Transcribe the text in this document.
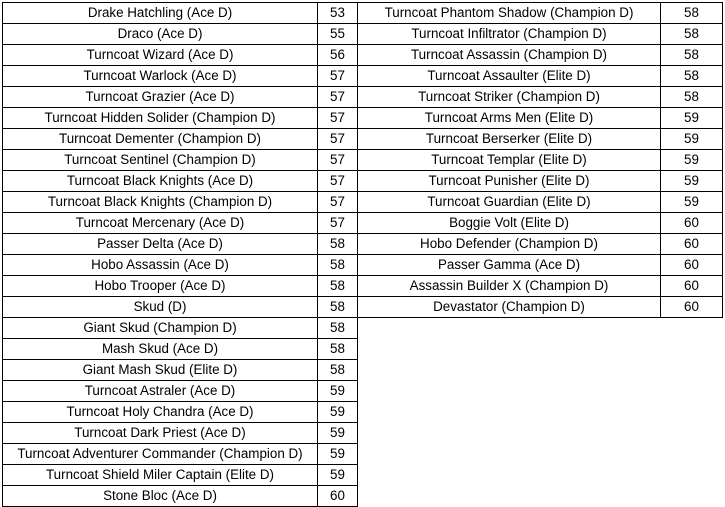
Drake Hatchling (Ace D)	53
Draco (Ace D)	55
Turncoat Wizard (Ace D)	56
Turncoat Warlock (Ace D)	57
Turncoat Grazier (Ace D)	57
Turncoat Hidden Solider (Champion D)	57
Turncoat Dementer (Champion D)	57
Turncoat Sentinel (Champion D)	57
Turncoat Black Knights (Ace D)	57
Turncoat Black Knights (Champion D)	57
Turncoat Mercenary (Ace D)	57
Passer Delta (Ace D)	58
Hobo Assassin (Ace D)	58
Hobo Trooper (Ace D)	58
Skud (D)	58
Giant Skud (Champion D)	58
Mash Skud (Ace D)	58
Giant Mash Skud (Elite D)	58
Turncoat Astraler (Ace D)	59
Turncoat Holy Chandra (Ace D)	59
Turncoat Dark Priest (Ace D)	59
Turncoat Adventurer Commander (Champion D)	59
Turncoat Shield Miler Captain (Elite D)	59
Stone Bloc (Ace D)	60
Turncoat Phantom Shadow (Champion D)	58
Turncoat Infiltrator (Champion D)	58
Turncoat Assassin (Champion D)	58
Turncoat Assaulter (Elite D)	58
Turncoat Striker (Champion D)	58
Turncoat Arms Men (Elite D)	59
Turncoat Berserker (Elite D)	59
Turncoat Templar (Elite D)	59
Turncoat Punisher (Elite D)	59
Turncoat Guardian (Elite D)	59
Boggie Volt (Elite D)	60
Hobo Defender (Champion D)	60
Passer Gamma (Ace D)	60
Assassin Builder X (Champion D)	60
Devastator (Champion D)	60
